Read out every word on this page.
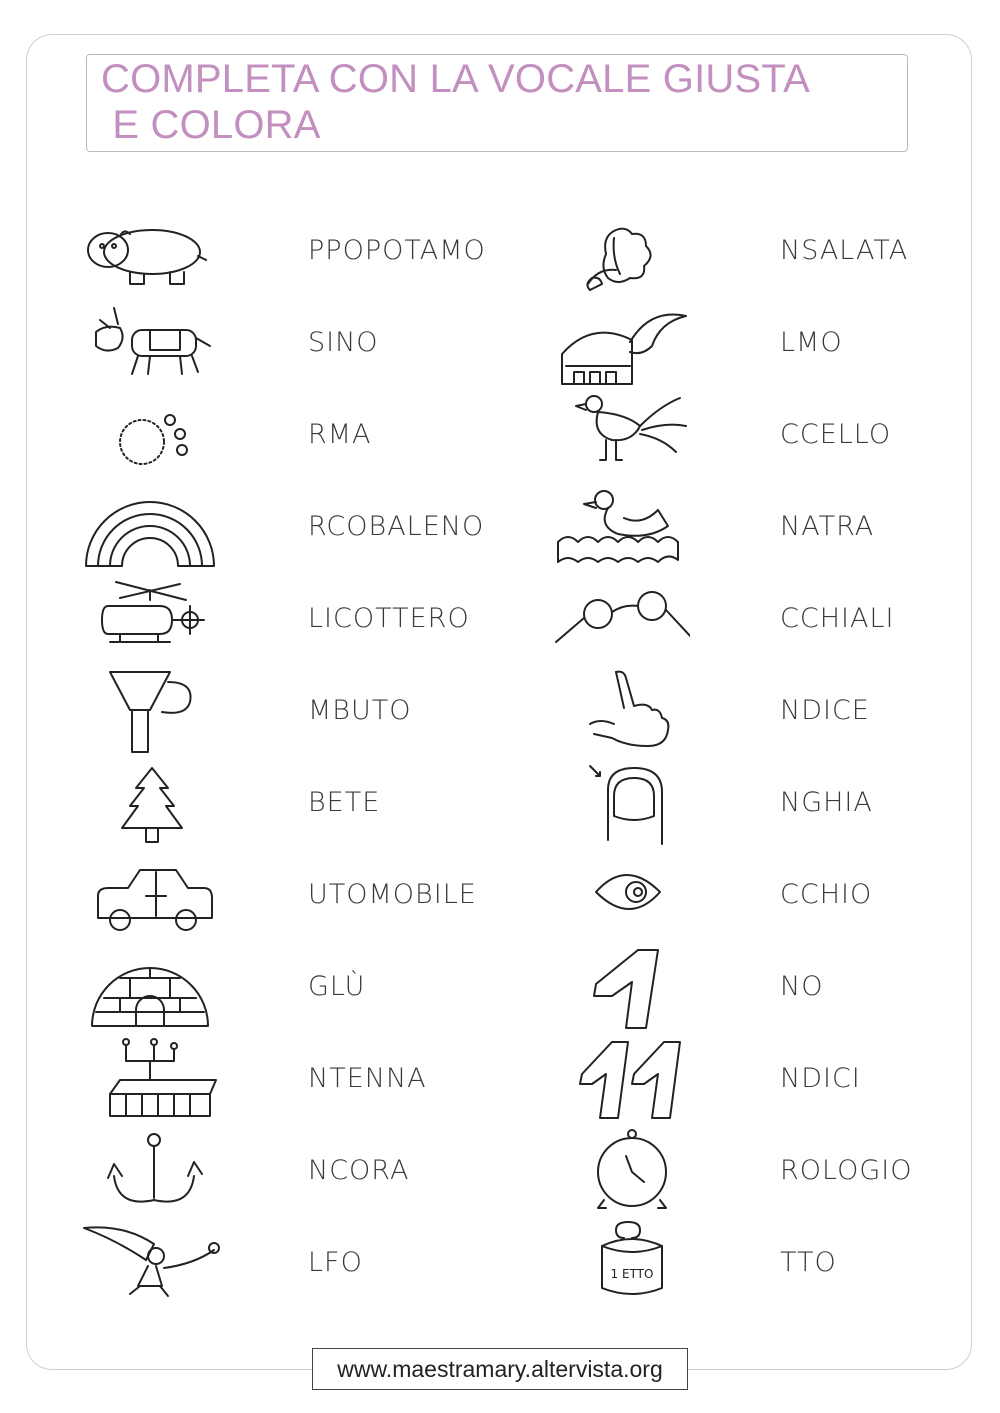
COMPLETA CON LA VOCALE GIUSTA
E COLORA
PPOPOTAMO
SINO
RMA
RCOBALENO
LICOTTERO
MBUTO
BETE
UTOMOBILE
GLÙ
NTENNA
NCORA
LFO
NSALATA
LMO
CCELLO
NATRA
CCHIALI
NDICE
NGHIA
CCHIO
NO
NDICI
ROLOGIO
1 ETTO	TTO
www.maestramary.altervista.org
